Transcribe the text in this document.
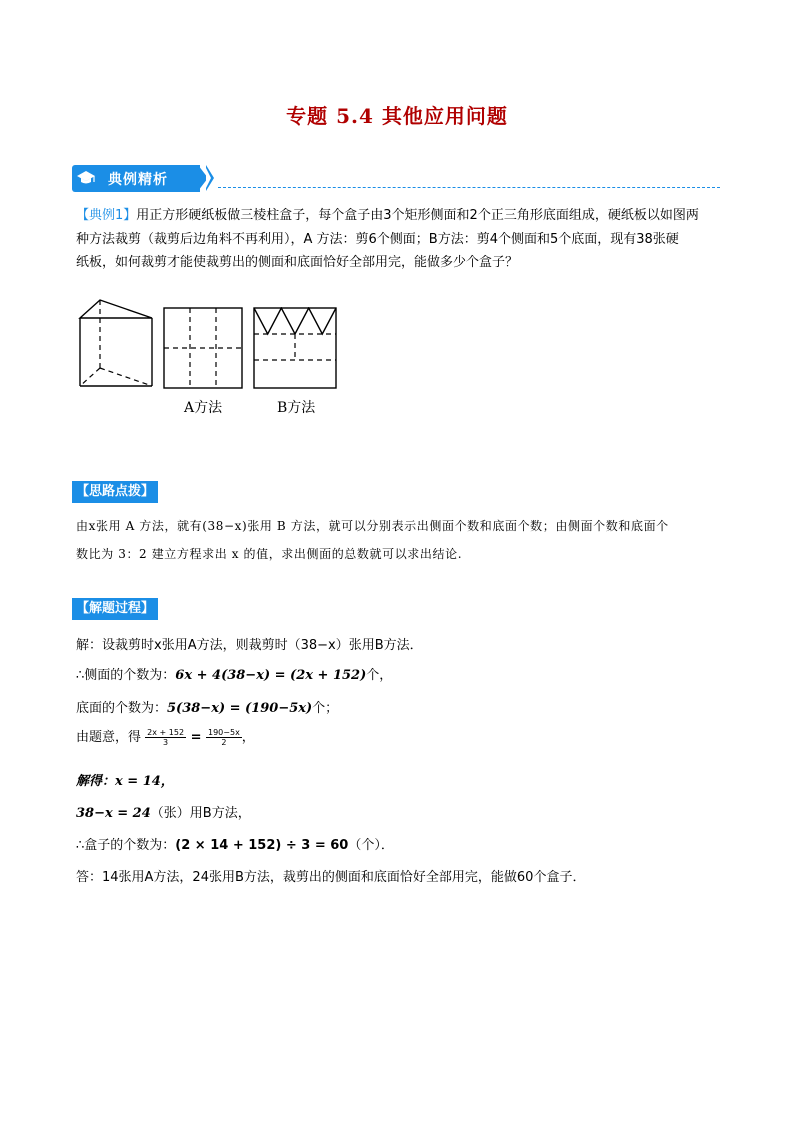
专题 5.4 其他应用问题
典例精析
【典例1】用正方形硬纸板做三棱柱盒子，每个盒子由3个矩形侧面和2个正三角形底面组成，硬纸板以如图两
种方法裁剪（裁剪后边角料不再利用），A 方法：剪6个侧面；B方法：剪4个侧面和5个底面，现有38张硬
纸板，如何裁剪才能使裁剪出的侧面和底面恰好全部用完，能做多少个盒子？
A方法	B方法
【思路点拨】
由x张用 A 方法，就有(38−x)张用 B 方法，就可以分别表示出侧面个数和底面个数；由侧面个数和底面个
数比为 3：2 建立方程求出 x 的值，求出侧面的总数就可以求出结论.
【解题过程】
解：设裁剪时x张用A方法，则裁剪时（38−x）张用B方法．
∴侧面的个数为：6x + 4(38−x) = (2x + 152)个，
底面的个数为：5(38−x) = (190−5x)个；
由题意，得 $\frac{2x + 152}{3} = \frac{190-5x}{2}$ ，
解得：x = 14，
38−x = 24（张）用B方法，
∴盒子的个数为：(2 × 14 + 152) ÷ 3 = 60（个）．
答：14张用A方法，24张用B方法，裁剪出的侧面和底面恰好全部用完，能做60个盒子．
